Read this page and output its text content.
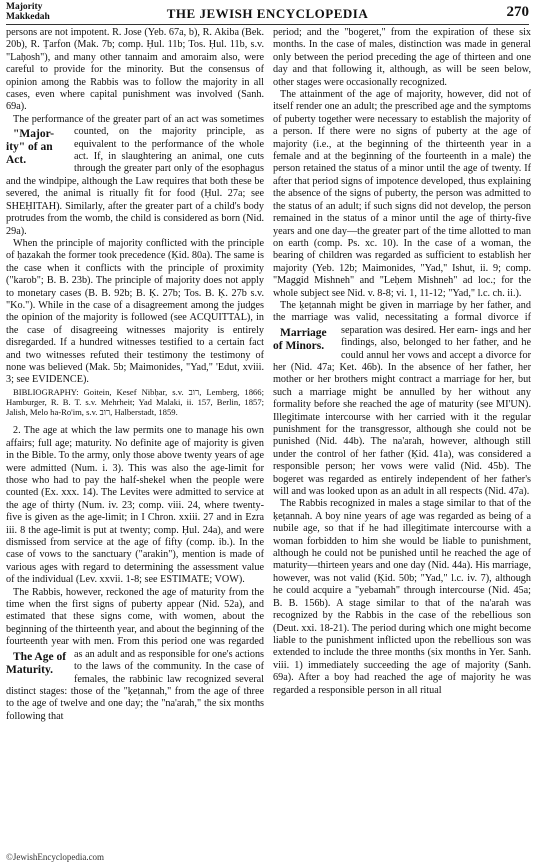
Majority
Makkedah	THE JEWISH ENCYCLOPEDIA	270

persons are not impotent. R. Jose (Yeb. 67a, b), R. Akiba (Bek. 20b), R. Ṭarfon (Mak. 7b; comp. Ḥul. 11b; Tos. Ḥul. 11b, s.v. "Laḥosh"), and many other tannaim and amoraim also, were careful to provide for the minority. But the consensus of opinion among the Rabbis was to follow the majority in all cases, even where capital punishment was involved (Sanh. 69a).

The performance of the greater part of an act was sometimes counted, on the majority principle,
"Major-ity" of an Act.
as equivalent to the performance of the whole act. If, in slaughtering an animal, one cuts through the greater part only of the esophagus and the windpipe, although the Law requires that both these be severed, the animal is ritually fit for food (Ḥul. 27a; see SHEḤITAH). Similarly, after the greater part of a child's body protrudes from the womb, the child is considered as born (Nid. 29a).

When the principle of majority conflicted with the principle of ḥazakah the former took precedence (Ḳid. 80a). The same is the case when it conflicts with the principle of proximity ("karob"; B. B. 23b). The principle of majority does not apply to monetary cases (B. B. 92b; B. Ḳ. 27b; Tos. B. Ḳ. 27b s.v. "Ko."). While in the case of a disagreement among the judges the opinion of the majority is followed (see ACQUITTAL), in the case of disagreeing witnesses majority is entirely disregarded. If a hundred witnesses testified to a certain fact and two witnesses refuted their testimony the testimony of none was believed (Mak. 5b; Maimonides, "Yad," 'Edut, xviii. 3; see EVIDENCE).

BIBLIOGRAPHY: Goitein, Kesef Nibḥar, s.v. רוב, Lemberg, 1866; Hamburger, R. B. T. s.v. Mehrheit; Yad Malaki, ii. 157, Berlin, 1857; Jalish, Melo ha-Ro'im, s.v. רוב, Halberstadt, 1859.

2. The age at which the law permits one to manage his own affairs; full age; maturity. No definite age of majority is given in the Bible. To the army, only those above twenty years of age were admitted (Num. i. 3). This was also the age-limit for those who had to pay the half-shekel when the people were counted (Ex. xxx. 14). The Levites were admitted to service at the age of thirty (Num. iv. 23; comp. viii. 24, where twenty-five is given as the age-limit; in I Chron. xxiii. 27 and in Ezra iii. 8 the age-limit is put at twenty; comp. Ḥul. 24a), and were dismissed from service at the age of fifty (comp. ib.). In the case of vows to the sanctuary ("arakin"), mention is made of various ages with regard to determining the assessment value of the individual (Lev. xxvii. 1-8; see ESTIMATE; VOW).

The Rabbis, however, reckoned the age of maturity from the time when the first signs of puberty appear (Nid. 52a), and estimated that these signs come, with women, about the beginning of the thirteenth year, and about the beginning of the fourteenth year with men. From this period one was
The Age of Maturity.
regarded as an adult and as responsible for one's actions to the laws of the community. In the case of females, the rabbinic law recognized several distinct stages: those of the "ḳeṭannah," from the age of three to the age of twelve and one day; the "na'arah," the six months following that

period; and the "bogeret," from the expiration of these six months. In the case of males, distinction was made in general only between the period preceding the age of thirteen and one day and that following it, although, as will be seen below, other stages were occasionally recognized.

The attainment of the age of majority, however, did not of itself render one an adult; the prescribed age and the symptoms of puberty together were necessary to establish the majority of a person. If there were no signs of puberty at the age of majority (i.e., at the beginning of the thirteenth year in a female and at the beginning of the fourteenth in a male) the person retained the status of a minor until the age of twenty. If after that period signs of impotence developed, thus explaining the absence of the signs of puberty, the person was admitted to the status of an adult; if such signs did not develop, the person remained in the status of a minor until the age of thirty-five years and one day—the greater part of the time allotted to man on earth (comp. Ps. xc. 10). In the case of a woman, the bearing of children was regarded as sufficient to establish her majority (Yeb. 12b; Maimonides, "Yad," Ishut, ii. 9; comp. "Maggid Mishneh" and "Leḥem Mishneh" ad loc.; for the whole subject see Nid. v. 8-8; vi. 1, 11-12; "Yad," l.c. ch. ii.).

The ḳeṭannah might be given in marriage by her father, and the marriage was valid, necessitating a formal divorce if separation was desired. Her earn-
Marriage of Minors.
ings and her findings, also, belonged to her father, and he could annul her vows and accept a divorce for her (Nid. 47a; Ket. 46b). In the absence of her father, her mother or her brothers might contract a marriage for her, but such a marriage might be annulled by her without any formality before she reached the age of maturity (see MI'UN). Illegitimate intercourse with her carried with it the regular punishment for the transgressor, although she could not be punished (Nid. 44b). The na'arah, however, although still under the control of her father (Ḳid. 41a), was considered a responsible person; her vows were valid (Nid. 45b). The bogeret was regarded as entirely independent of her father's will and was looked upon as an adult in all respects (Nid. 47a).

The Rabbis recognized in males a stage similar to that of the ḳeṭannah. A boy nine years of age was regarded as being of a nubile age, so that if he had illegitimate intercourse with a woman forbidden to him she would be liable to punishment, although he could not be punished until he reached the age of maturity—thirteen years and one day (Nid. 44a). His marriage, however, was not valid (Ḳid. 50b; "Yad," l.c. iv. 7), although he could acquire a "yebamah" through intercourse (Nid. 45a; B. B. 156b). A stage similar to that of the na'arah was recognized by the Rabbis in the case of the rebellious son (Deut. xxi. 18-21). The period during which one might become liable to the punishment inflicted upon the rebellious son was extended to include the three months (six months in Yer. Sanh. viii. 1) immediately succeeding the age of majority (Sanh. 69a). After a boy had reached the age of majority he was regarded a responsible person in all ritual

©JewishEncyclopedia.com
